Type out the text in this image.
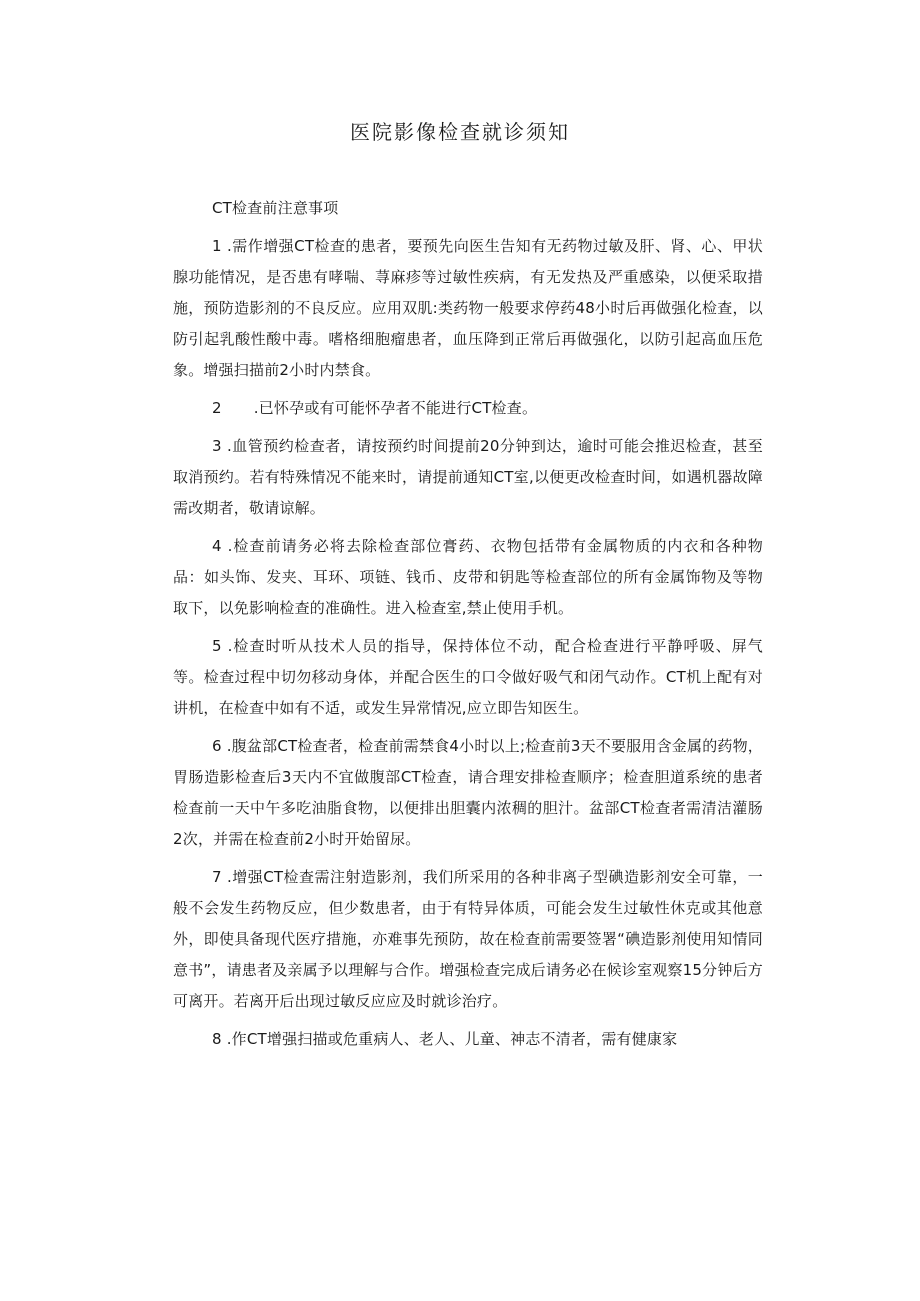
医院影像检查就诊须知
CT检查前注意事项

1 .需作增强CT检查的患者，要预先向医生告知有无药物过敏及肝、肾、心、甲状腺功能情况，是否患有哮喘、荨麻疹等过敏性疾病，有无发热及严重感染，以便采取措施，预防造影剂的不良反应。应用双肌:类药物一般要求停药48小时后再做强化检查，以防引起乳酸性酸中毒。嗜格细胞瘤患者，血压降到正常后再做强化，以防引起高血压危象。增强扫描前2小时内禁食。

2 .已怀孕或有可能怀孕者不能进行CT检查。

3 .血管预约检查者，请按预约时间提前20分钟到达，逾时可能会推迟检查，甚至取消预约。若有特殊情况不能来时，请提前通知CT室,以便更改检查时间，如遇机器故障需改期者，敬请谅解。

4 .检查前请务必将去除检查部位膏药、衣物包括带有金属物质的内衣和各种物品：如头饰、发夹、耳环、项链、钱币、皮带和钥匙等检查部位的所有金属饰物及等物取下，以免影响检查的准确性。进入检查室,禁止使用手机。

5 .检查时听从技术人员的指导，保持体位不动，配合检查进行平静呼吸、屏气等。检查过程中切勿移动身体，并配合医生的口令做好吸气和闭气动作。CT机上配有对讲机，在检查中如有不适，或发生异常情况,应立即告知医生。

6 .腹盆部CT检查者，检查前需禁食4小时以上;检查前3天不要服用含金属的药物，胃肠造影检查后3天内不宜做腹部CT检查，请合理安排检查顺序；检查胆道系统的患者检查前一天中午多吃油脂食物，以便排出胆囊内浓稠的胆汁。盆部CT检查者需清洁灌肠2次，并需在检查前2小时开始留尿。

7 .增强CT检查需注射造影剂，我们所采用的各种非离子型碘造影剂安全可靠，一般不会发生药物反应，但少数患者，由于有特异体质，可能会发生过敏性休克或其他意外，即使具备现代医疗措施，亦难事先预防，故在检查前需要签署“碘造影剂使用知情同意书”，请患者及亲属予以理解与合作。增强检查完成后请务必在候诊室观察15分钟后方可离开。若离开后出现过敏反应应及时就诊治疗。

8 .作CT增强扫描或危重病人、老人、儿童、神志不清者，需有健康家
